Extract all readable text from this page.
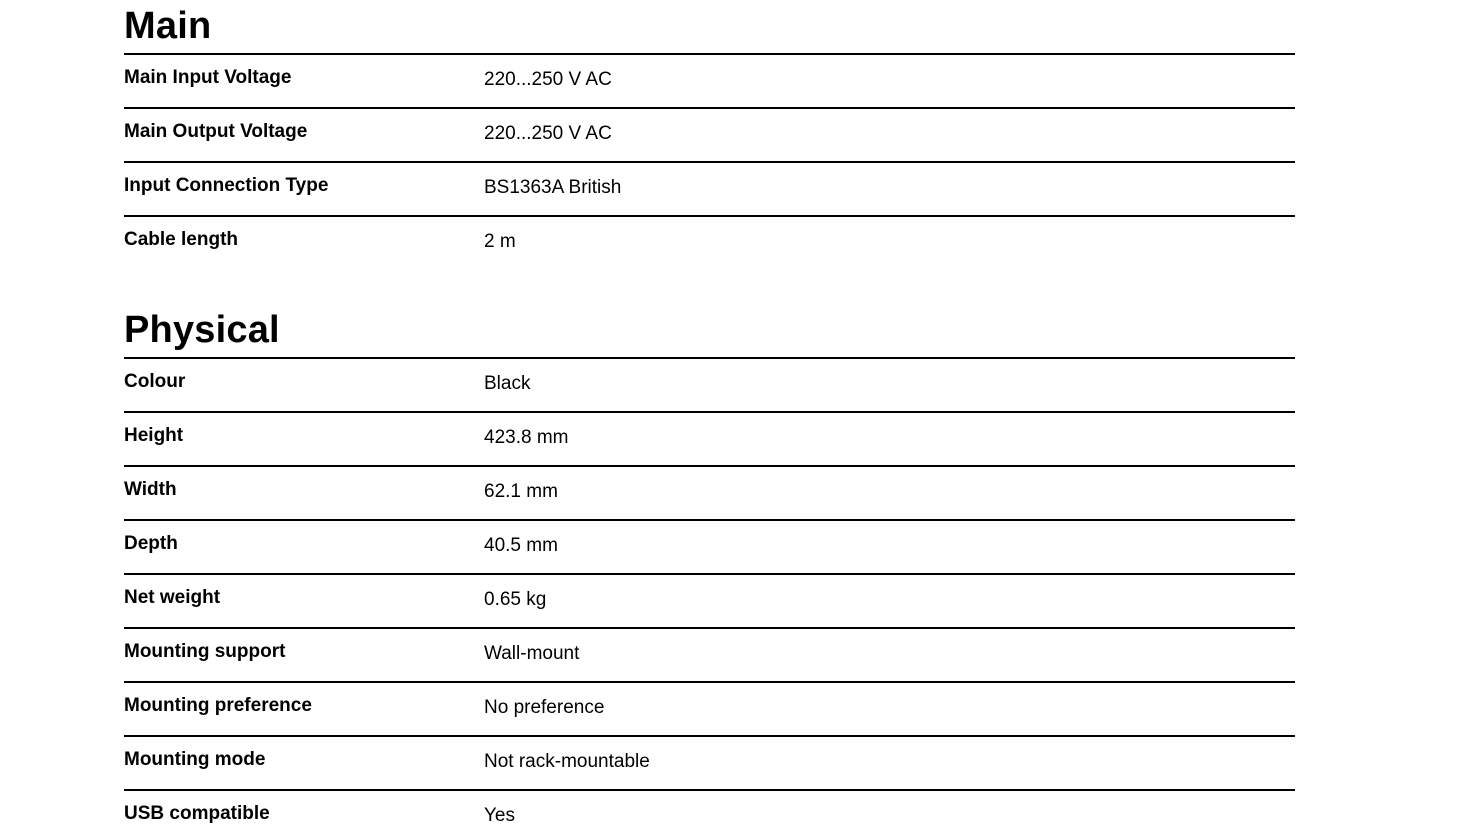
Main
Main Input Voltage	220...250 V AC
Main Output Voltage	220...250 V AC
Input Connection Type	BS1363A British
Cable length	2 m
Physical
Colour	Black
Height	423.8 mm
Width	62.1 mm
Depth	40.5 mm
Net weight	0.65 kg
Mounting support	Wall-mount
Mounting preference	No preference
Mounting mode	Not rack-mountable
USB compatible	Yes
